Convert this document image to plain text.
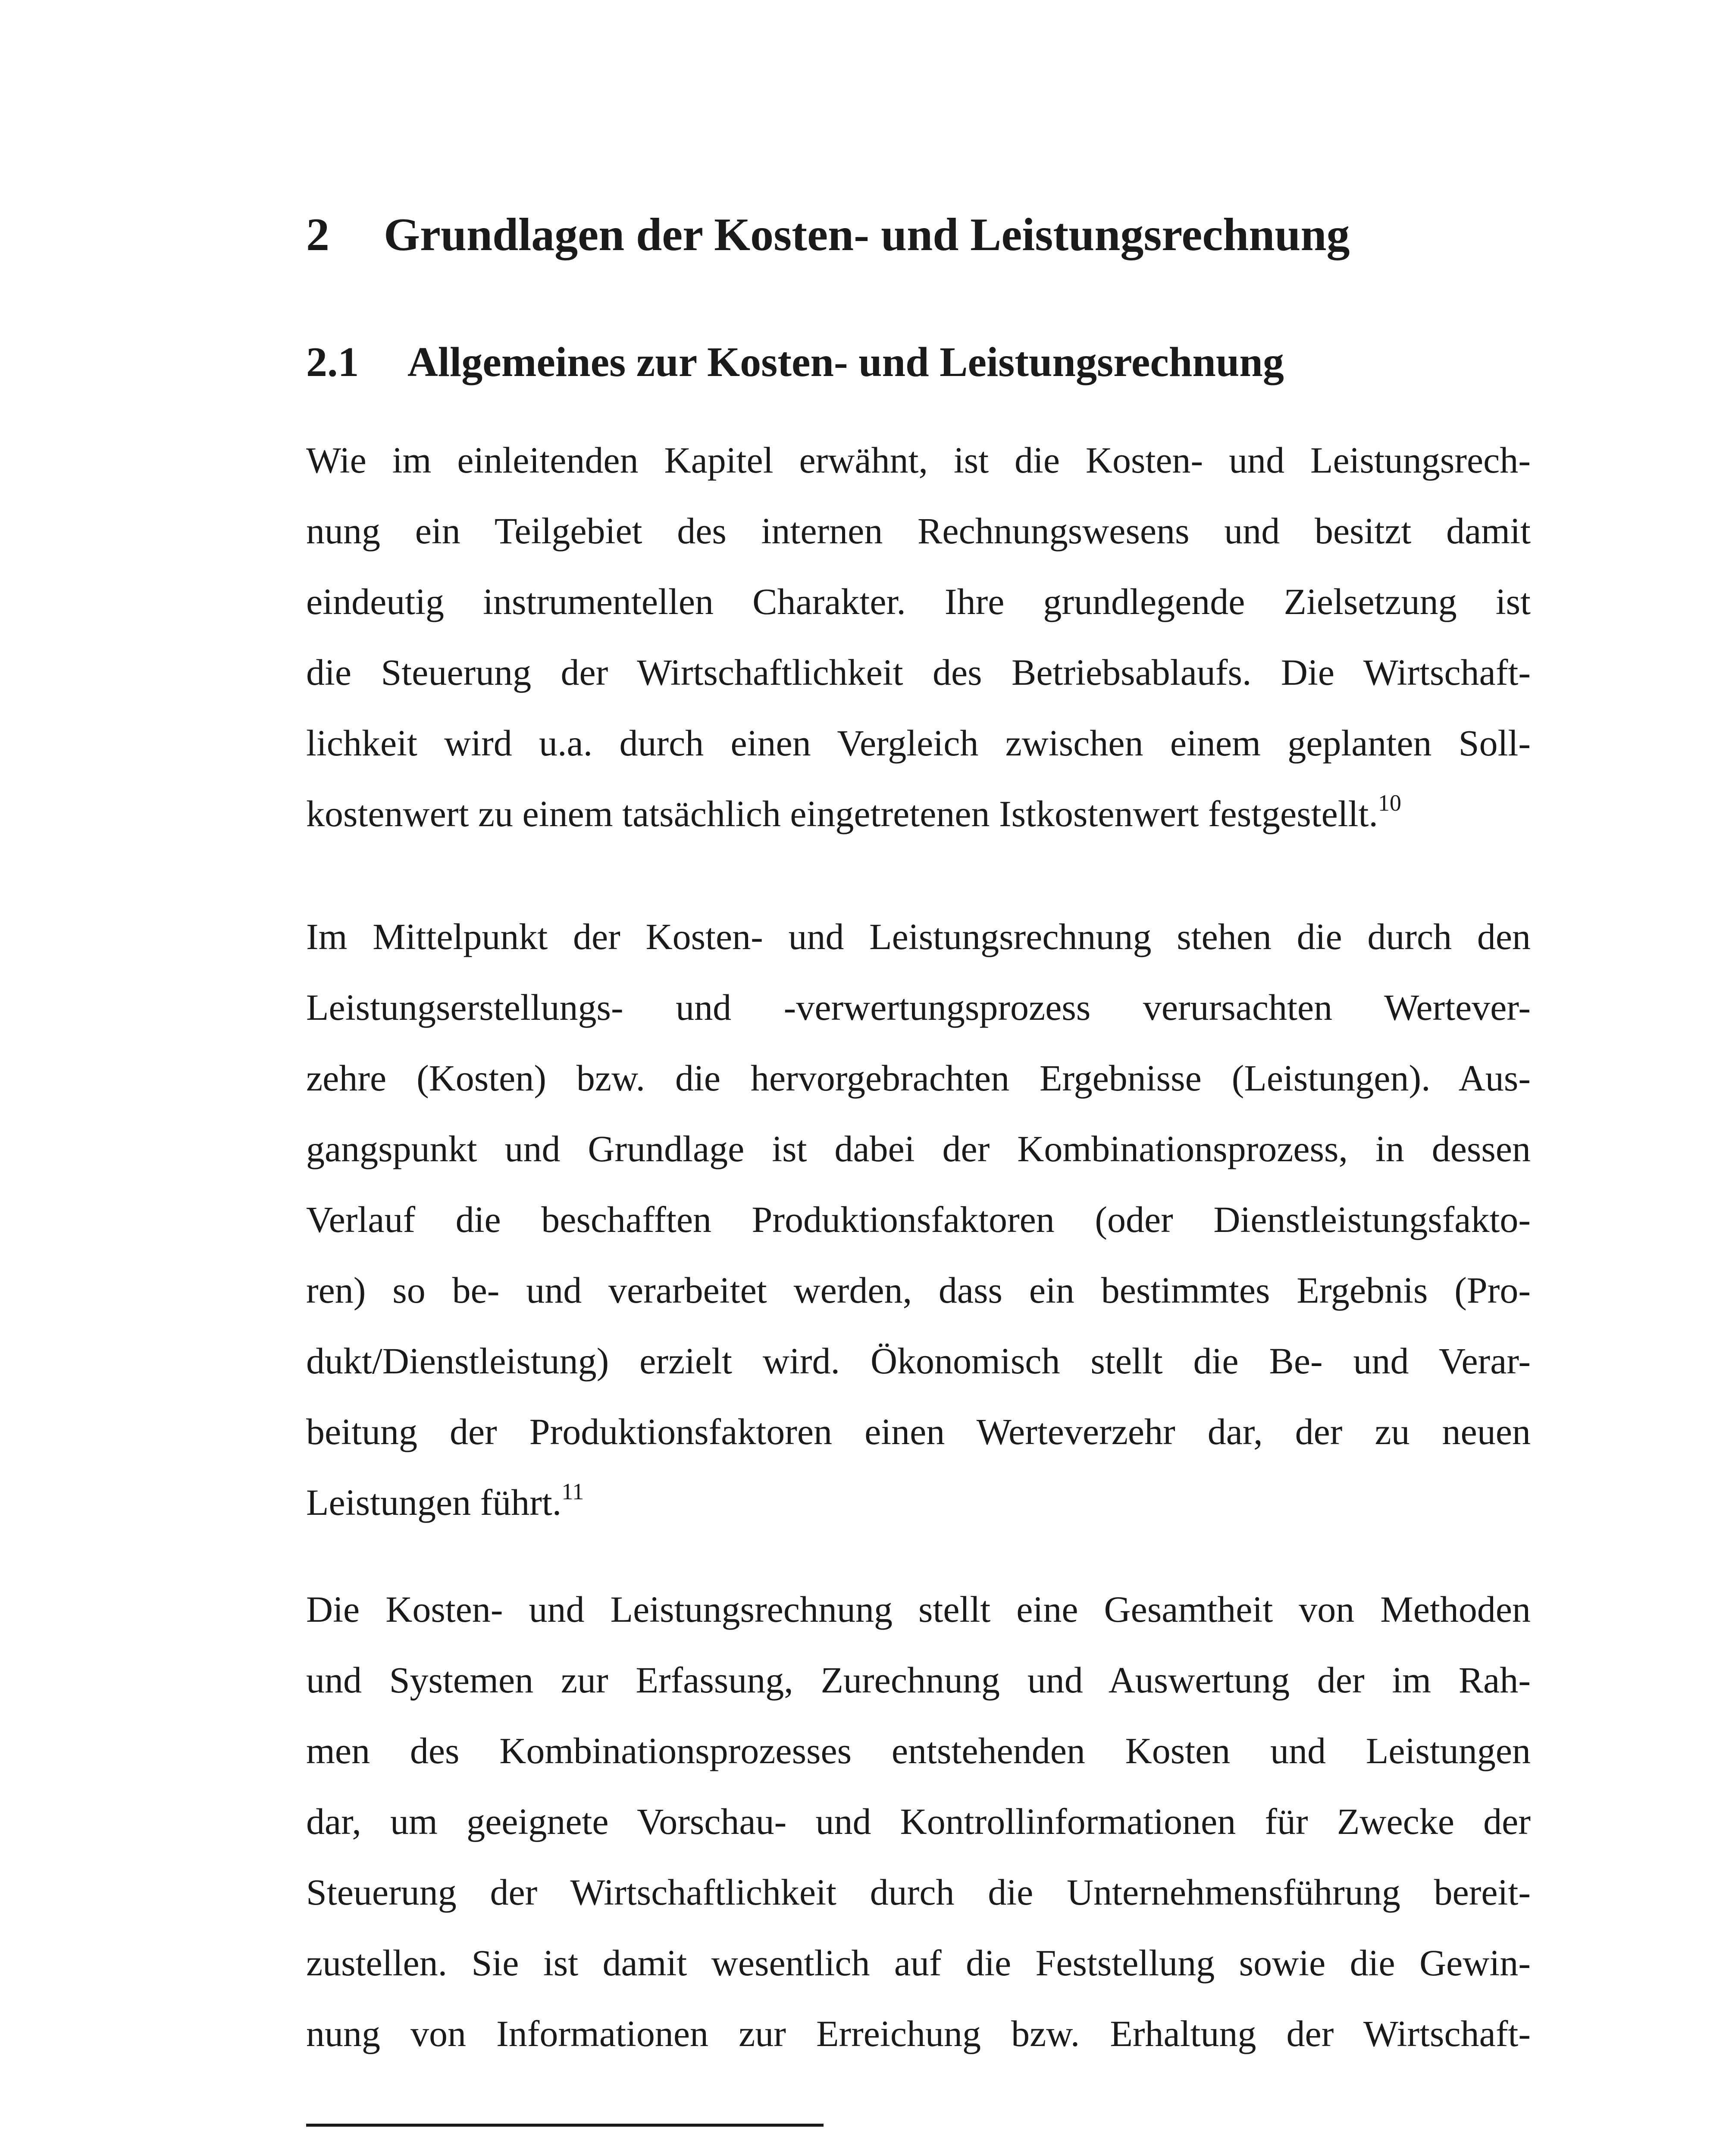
2 Grundlagen der Kosten- und Leistungsrechnung
2.1 Allgemeines zur Kosten- und Leistungsrechnung
Wie im einleitenden Kapitel erwähnt, ist die Kosten- und Leistungsrech-
nung ein Teilgebiet des internen Rechnungswesens und besitzt damit
eindeutig instrumentellen Charakter. Ihre grundlegende Zielsetzung ist
die Steuerung der Wirtschaftlichkeit des Betriebsablaufs. Die Wirtschaft-
lichkeit wird u.a. durch einen Vergleich zwischen einem geplanten Soll-
kostenwert zu einem tatsächlich eingetretenen Istkostenwert festgestellt.$^{10}$
Im Mittelpunkt der Kosten- und Leistungsrechnung stehen die durch den
Leistungserstellungs- und -verwertungsprozess verursachten Wertever-
zehre (Kosten) bzw. die hervorgebrachten Ergebnisse (Leistungen). Aus-
gangspunkt und Grundlage ist dabei der Kombinationsprozess, in dessen
Verlauf die beschafften Produktionsfaktoren (oder Dienstleistungsfakto-
ren) so be- und verarbeitet werden, dass ein bestimmtes Ergebnis (Pro-
dukt/Dienstleistung) erzielt wird. Ökonomisch stellt die Be- und Verar-
beitung der Produktionsfaktoren einen Werteverzehr dar, der zu neuen
Leistungen führt.$^{11}$
Die Kosten- und Leistungsrechnung stellt eine Gesamtheit von Methoden
und Systemen zur Erfassung, Zurechnung und Auswertung der im Rah-
men des Kombinationsprozesses entstehenden Kosten und Leistungen
dar, um geeignete Vorschau- und Kontrollinformationen für Zwecke der
Steuerung der Wirtschaftlichkeit durch die Unternehmensführung bereit-
zustellen. Sie ist damit wesentlich auf die Feststellung sowie die Gewin-
nung von Informationen zur Erreichung bzw. Erhaltung der Wirtschaft-
